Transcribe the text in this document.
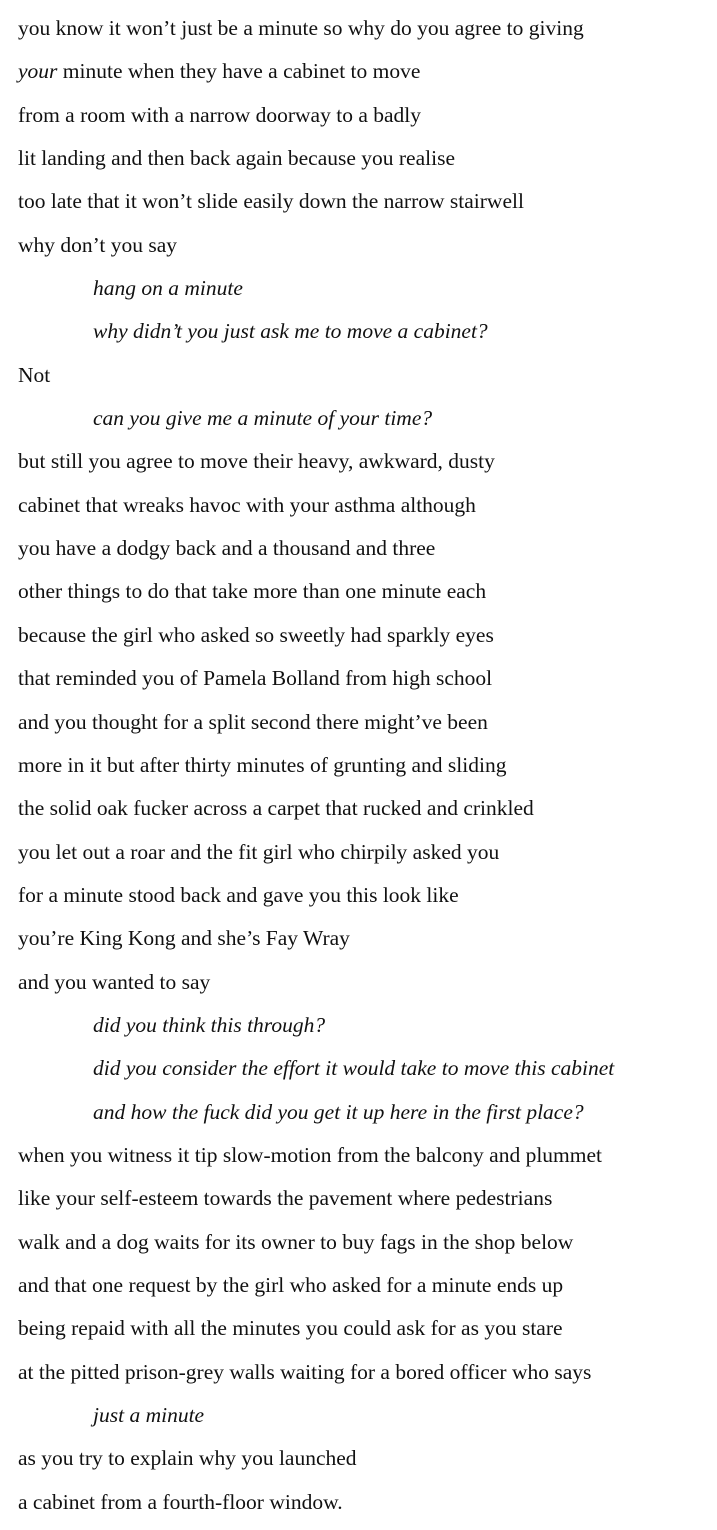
you know it won’t just be a minute so why do you agree to giving
your minute when they have a cabinet to move
from a room with a narrow doorway to a badly
lit landing and then back again because you realise
too late that it won’t slide easily down the narrow stairwell
why don’t you say
hang on a minute
why didn’t you just ask me to move a cabinet?
Not
can you give me a minute of your time?
but still you agree to move their heavy, awkward, dusty
cabinet that wreaks havoc with your asthma although
you have a dodgy back and a thousand and three
other things to do that take more than one minute each
because the girl who asked so sweetly had sparkly eyes
that reminded you of Pamela Bolland from high school
and you thought for a split second there might’ve been
more in it but after thirty minutes of grunting and sliding
the solid oak fucker across a carpet that rucked and crinkled
you let out a roar and the fit girl who chirpily asked you
for a minute stood back and gave you this look like
you’re King Kong and she’s Fay Wray
and you wanted to say
did you think this through?
did you consider the effort it would take to move this cabinet
and how the fuck did you get it up here in the first place?
when you witness it tip slow-motion from the balcony and plummet
like your self-esteem towards the pavement where pedestrians
walk and a dog waits for its owner to buy fags in the shop below
and that one request by the girl who asked for a minute ends up
being repaid with all the minutes you could ask for as you stare
at the pitted prison-grey walls waiting for a bored officer who says
just a minute
as you try to explain why you launched
a cabinet from a fourth-floor window.
